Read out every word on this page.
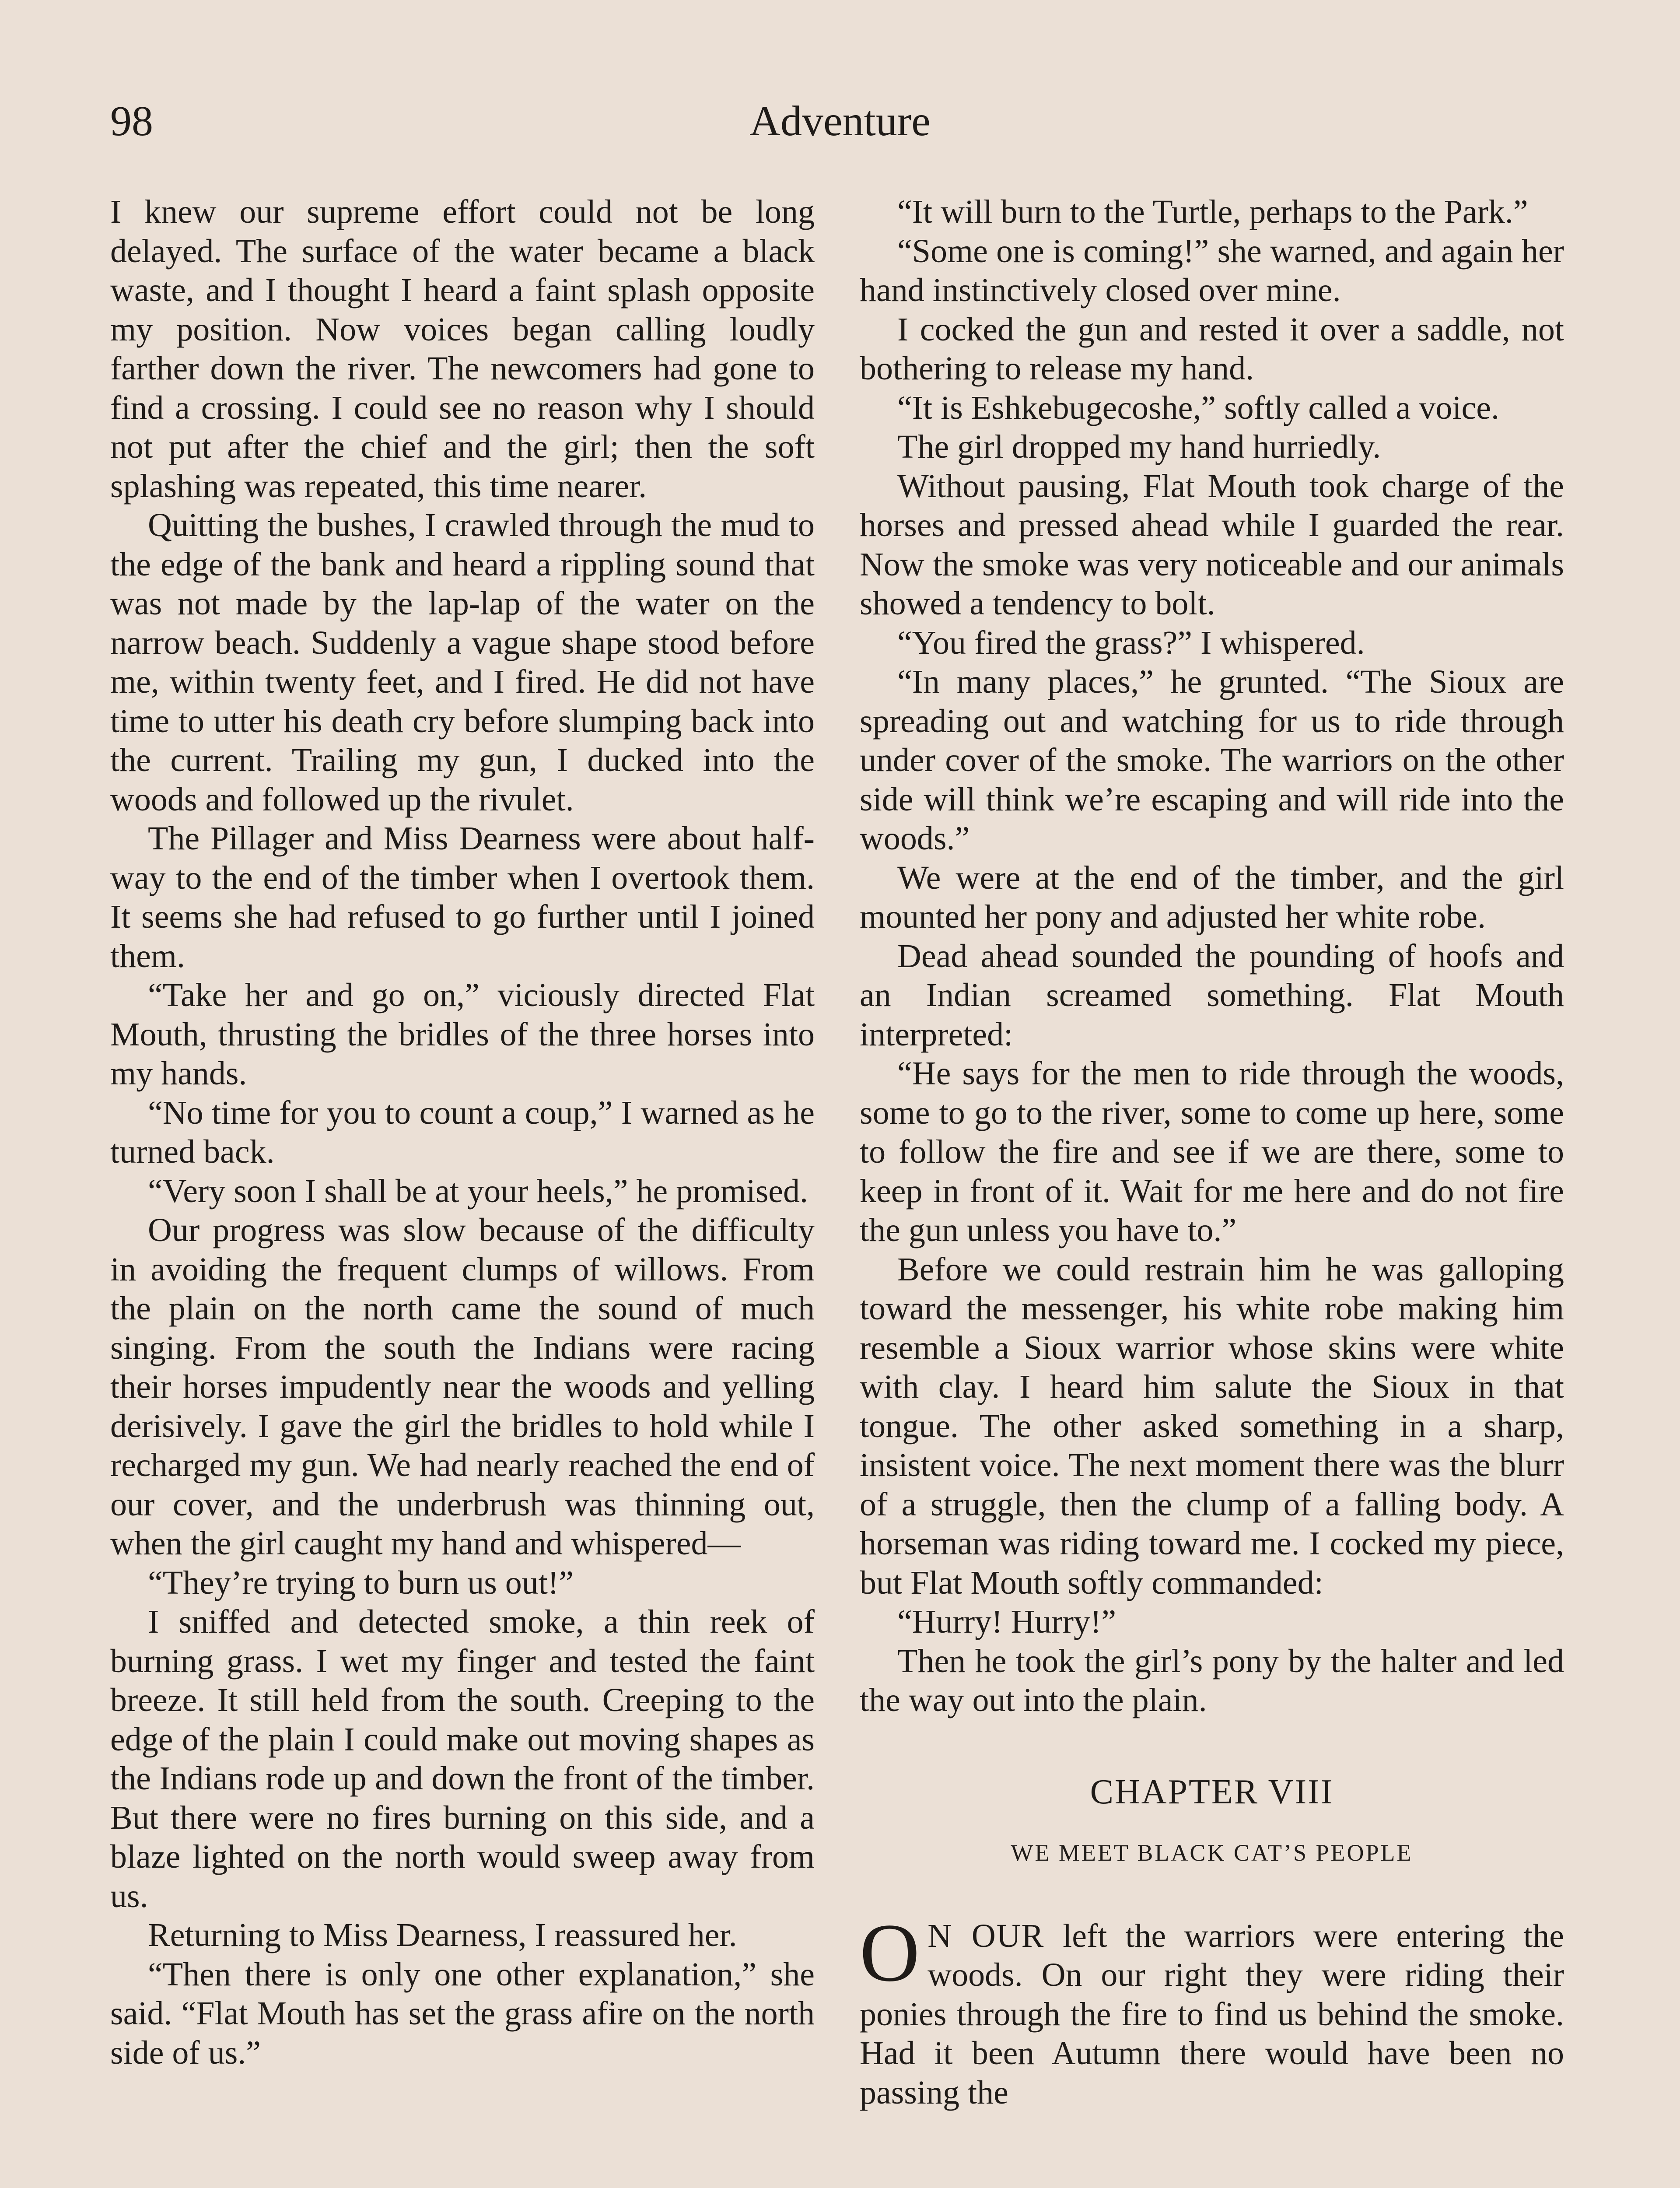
98	Adventure

I knew our supreme effort could not be long delayed. The surface of the water became a black waste, and I thought I heard a faint splash opposite my position. Now voices began calling loudly farther down the river. The newcomers had gone to find a crossing. I could see no reason why I should not put after the chief and the girl; then the soft splashing was repeated, this time nearer.

Quitting the bushes, I crawled through the mud to the edge of the bank and heard a rippling sound that was not made by the lap-lap of the water on the narrow beach. Suddenly a vague shape stood before me, within twenty feet, and I fired. He did not have time to utter his death cry before slumping back into the current. Trailing my gun, I ducked into the woods and followed up the rivulet.

The Pillager and Miss Dearness were about half-way to the end of the timber when I overtook them. It seems she had refused to go further until I joined them.

“Take her and go on,” viciously directed Flat Mouth, thrusting the bridles of the three horses into my hands.

“No time for you to count a coup,” I warned as he turned back.

“Very soon I shall be at your heels,” he promised.

Our progress was slow because of the difficulty in avoiding the frequent clumps of willows. From the plain on the north came the sound of much singing. From the south the Indians were racing their horses impudently near the woods and yelling derisively. I gave the girl the bridles to hold while I recharged my gun. We had nearly reached the end of our cover, and the underbrush was thinning out, when the girl caught my hand and whispered—

“They’re trying to burn us out!”

I sniffed and detected smoke, a thin reek of burning grass. I wet my finger and tested the faint breeze. It still held from the south. Creeping to the edge of the plain I could make out moving shapes as the Indians rode up and down the front of the timber. But there were no fires burning on this side, and a blaze lighted on the north would sweep away from us.

Returning to Miss Dearness, I reassured her.

“Then there is only one other explanation,” she said. “Flat Mouth has set the grass afire on the north side of us.”

“It will burn to the Turtle, perhaps to the Park.”

“Some one is coming!” she warned, and again her hand instinctively closed over mine.

I cocked the gun and rested it over a saddle, not bothering to release my hand.

“It is Eshkebugecoshe,” softly called a voice.

The girl dropped my hand hurriedly.

Without pausing, Flat Mouth took charge of the horses and pressed ahead while I guarded the rear. Now the smoke was very noticeable and our animals showed a tendency to bolt.

“You fired the grass?” I whispered.

“In many places,” he grunted. “The Sioux are spreading out and watching for us to ride through under cover of the smoke. The warriors on the other side will think we’re escaping and will ride into the woods.”

We were at the end of the timber, and the girl mounted her pony and adjusted her white robe.

Dead ahead sounded the pounding of hoofs and an Indian screamed something. Flat Mouth interpreted:

“He says for the men to ride through the woods, some to go to the river, some to come up here, some to follow the fire and see if we are there, some to keep in front of it. Wait for me here and do not fire the gun unless you have to.”

Before we could restrain him he was galloping toward the messenger, his white robe making him resemble a Sioux warrior whose skins were white with clay. I heard him salute the Sioux in that tongue. The other asked something in a sharp, insistent voice. The next moment there was the blurr of a struggle, then the clump of a falling body. A horseman was riding toward me. I cocked my piece, but Flat Mouth softly commanded:

“Hurry! Hurry!”

Then he took the girl’s pony by the halter and led the way out into the plain.

CHAPTER VIII
WE MEET BLACK CAT’S PEOPLE

O N OUR left the warriors were entering the woods. On our right they were riding their ponies through the fire to find us behind the smoke. Had it been Autumn there would have been no passing the
